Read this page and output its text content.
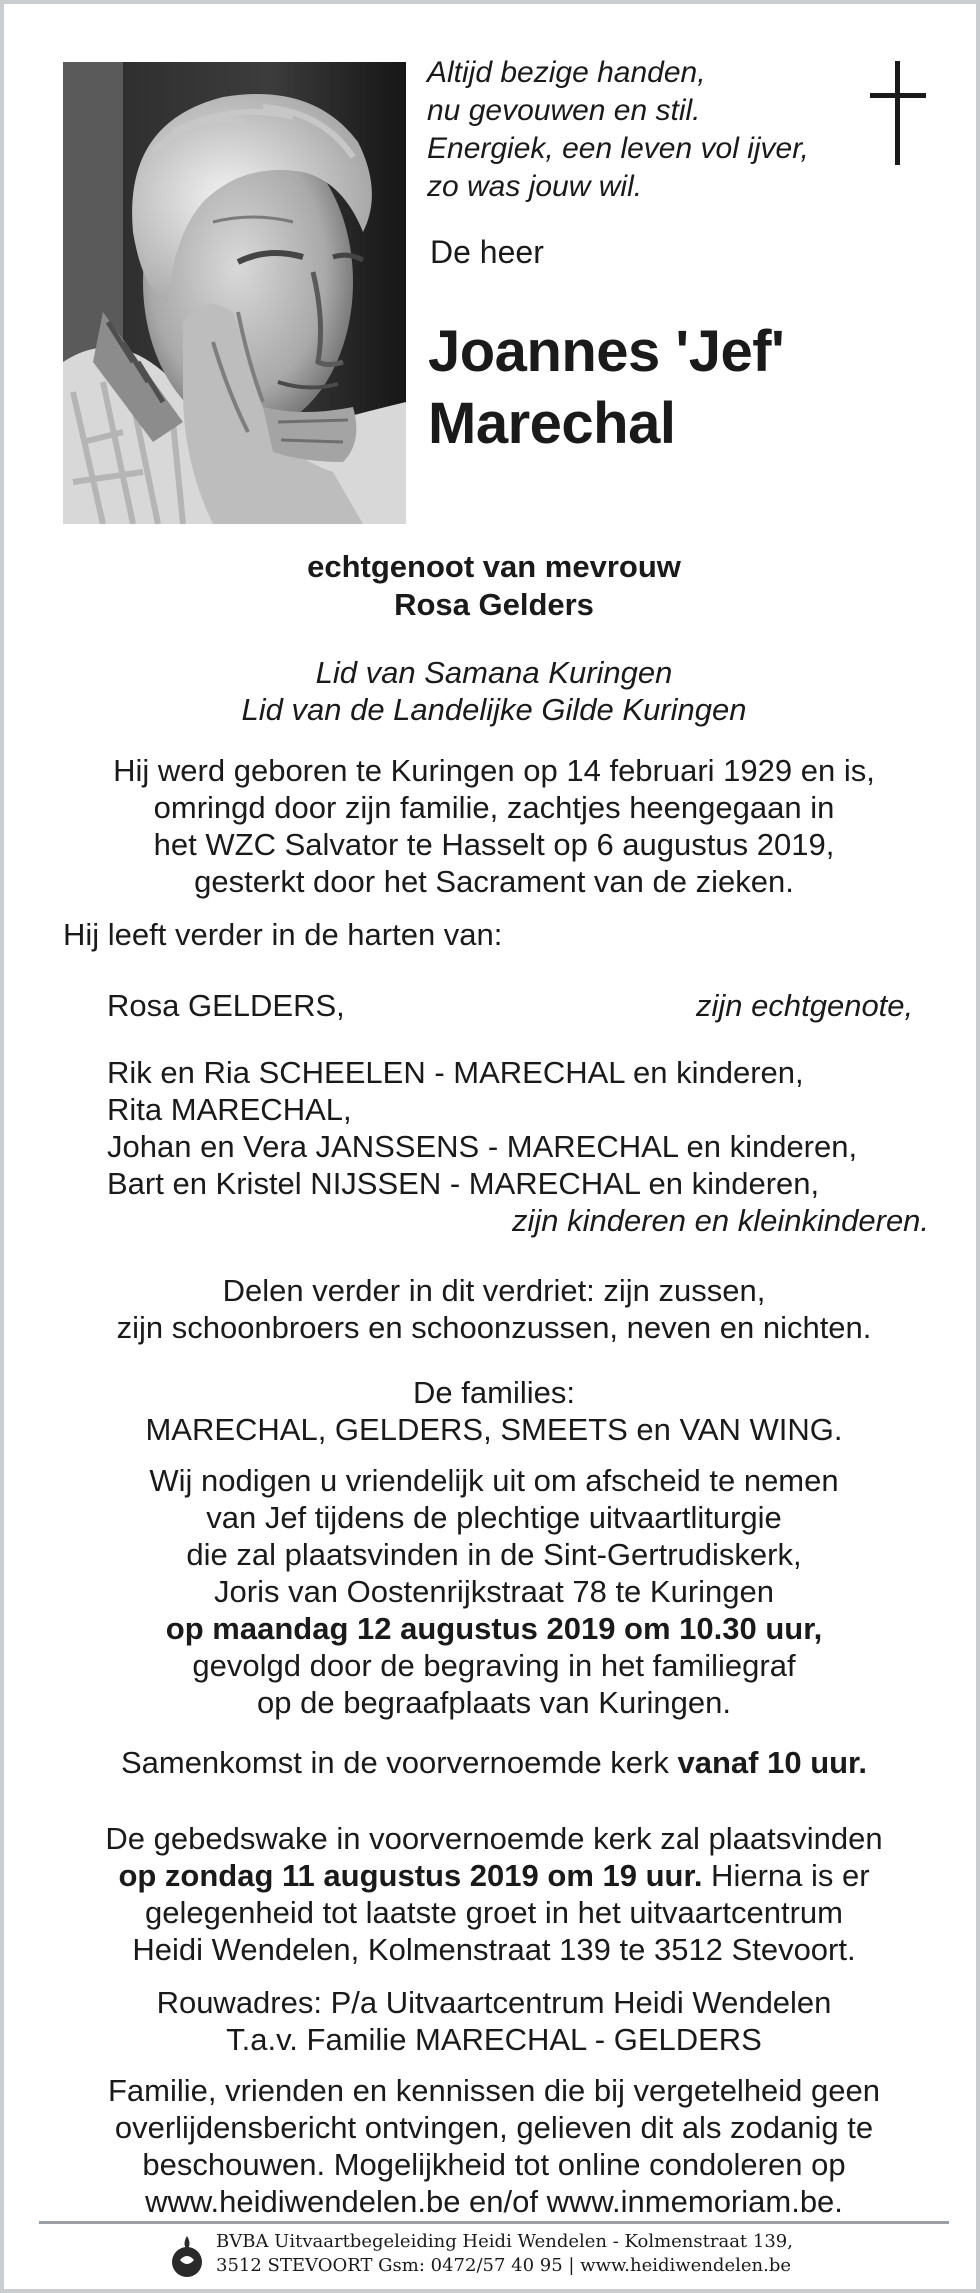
Altijd bezige handen,
nu gevouwen en stil.
Energiek, een leven vol ijver,
zo was jouw wil.
De heer
Joannes 'Jef'
Marechal
echtgenoot van mevrouw
Rosa Gelders
Lid van Samana Kuringen
Lid van de Landelijke Gilde Kuringen
Hij werd geboren te Kuringen op 14 februari 1929 en is,
omringd door zijn familie, zachtjes heengegaan in
het WZC Salvator te Hasselt op 6 augustus 2019,
gesterkt door het Sacrament van de zieken.
Hij leeft verder in de harten van:
Rosa GELDERS,	zijn echtgenote,
Rik en Ria SCHEELEN - MARECHAL en kinderen,
Rita MARECHAL,
Johan en Vera JANSSENS - MARECHAL en kinderen,
Bart en Kristel NIJSSEN - MARECHAL en kinderen,
zijn kinderen en kleinkinderen.
Delen verder in dit verdriet: zijn zussen,
zijn schoonbroers en schoonzussen, neven en nichten.
De families:
MARECHAL, GELDERS, SMEETS en VAN WING.
Wij nodigen u vriendelijk uit om afscheid te nemen
van Jef tijdens de plechtige uitvaartliturgie
die zal plaatsvinden in de Sint-Gertrudiskerk,
Joris van Oostenrijkstraat 78 te Kuringen
op maandag 12 augustus 2019 om 10.30 uur,
gevolgd door de begraving in het familiegraf
op de begraafplaats van Kuringen.
Samenkomst in de voorvernoemde kerk vanaf 10 uur.
De gebedswake in voorvernoemde kerk zal plaatsvinden
op zondag 11 augustus 2019 om 19 uur. Hierna is er
gelegenheid tot laatste groet in het uitvaartcentrum
Heidi Wendelen, Kolmenstraat 139 te 3512 Stevoort.
Rouwadres: P/a Uitvaartcentrum Heidi Wendelen
T.a.v. Familie MARECHAL - GELDERS
Familie, vrienden en kennissen die bij vergetelheid geen
overlijdensbericht ontvingen, gelieven dit als zodanig te
beschouwen. Mogelijkheid tot online condoleren op
www.heidiwendelen.be en/of www.inmemoriam.be.
BVBA Uitvaartbegeleiding Heidi Wendelen - Kolmenstraat 139,
3512 STEVOORT Gsm: 0472/57 40 95 | www.heidiwendelen.be
